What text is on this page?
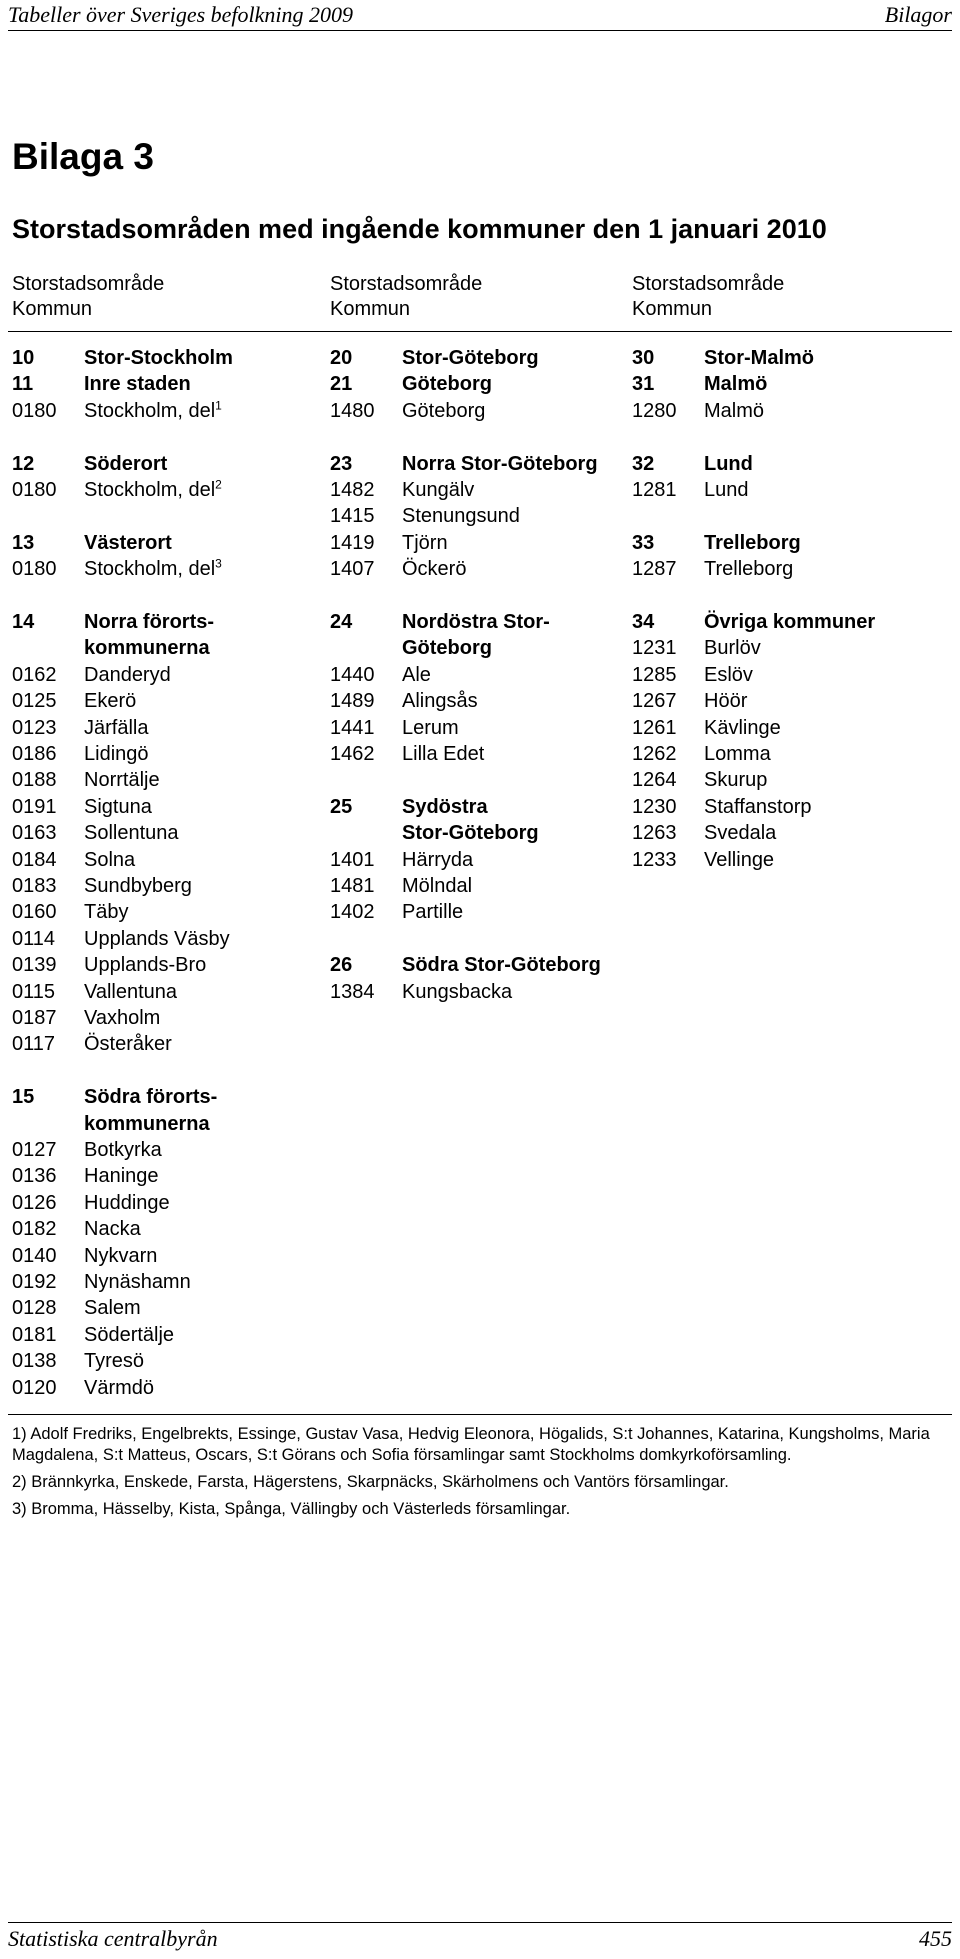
Tabeller över Sveriges befolkning 2009	Bilagor
Bilaga 3
Storstadsområden med ingående kommuner den 1 januari 2010
Storstadsområde
Kommun
Storstadsområde
Kommun
Storstadsområde
Kommun
10 Stor-Stockholm
11	Inre staden
0180 Stockholm, del$^1$
12 Söderort
0180 Stockholm, del$^2$
13 Västerort
0180 Stockholm, del$^3$
14 Norra förorts-
kommunerna
0162 Danderyd
0125 Ekerö
0123 Järfälla
0186 Lidingö
0188 Norrtälje
0191 Sigtuna
0163 Sollentuna
0184 Solna
0183 Sundbyberg
0160 Täby
0114 Upplands Väsby
0139 Upplands-Bro
0115 Vallentuna
0187 Vaxholm
0117 Österåker
15 Södra förorts-
kommunerna
0127 Botkyrka
0136 Haninge
0126 Huddinge
0182 Nacka
0140 Nykvarn
0192 Nynäshamn
0128 Salem
0181 Södertälje
0138 Tyresö
0120 Värmdö
20 Stor-Göteborg
21 Göteborg
1480 Göteborg
23 Norra Stor-Göteborg
1482 Kungälv
1415 Stenungsund
1419 Tjörn
1407 Öckerö
24 Nordöstra Stor-
Göteborg
1440 Ale
1489 Alingsås
1441 Lerum
1462 Lilla Edet
25 Sydöstra
Stor-Göteborg
1401 Härryda
1481 Mölndal
1402 Partille
26 Södra Stor-Göteborg
1384 Kungsbacka
30 Stor-Malmö
31 Malmö
1280 Malmö
32 Lund
1281 Lund
33 Trelleborg
1287 Trelleborg
34 Övriga kommuner
1231 Burlöv
1285 Eslöv
1267 Höör
1261 Kävlinge
1262 Lomma
1264 Skurup
1230 Staffanstorp
1263 Svedala
1233 Vellinge

1) Adolf Fredriks, Engelbrekts, Essinge, Gustav Vasa, Hedvig Eleonora, Högalids, S:t Johannes, Katarina, Kungsholms, Maria Magdalena, S:t Matteus, Oscars, S:t Görans och Sofia församlingar samt Stockholms domkyrkoförsamling.

2) Brännkyrka, Enskede, Farsta, Hägerstens, Skarpnäcks, Skärholmens och Vantörs församlingar.

3) Bromma, Hässelby, Kista, Spånga, Vällingby och Västerleds församlingar.

Statistiska centralbyrån	455
